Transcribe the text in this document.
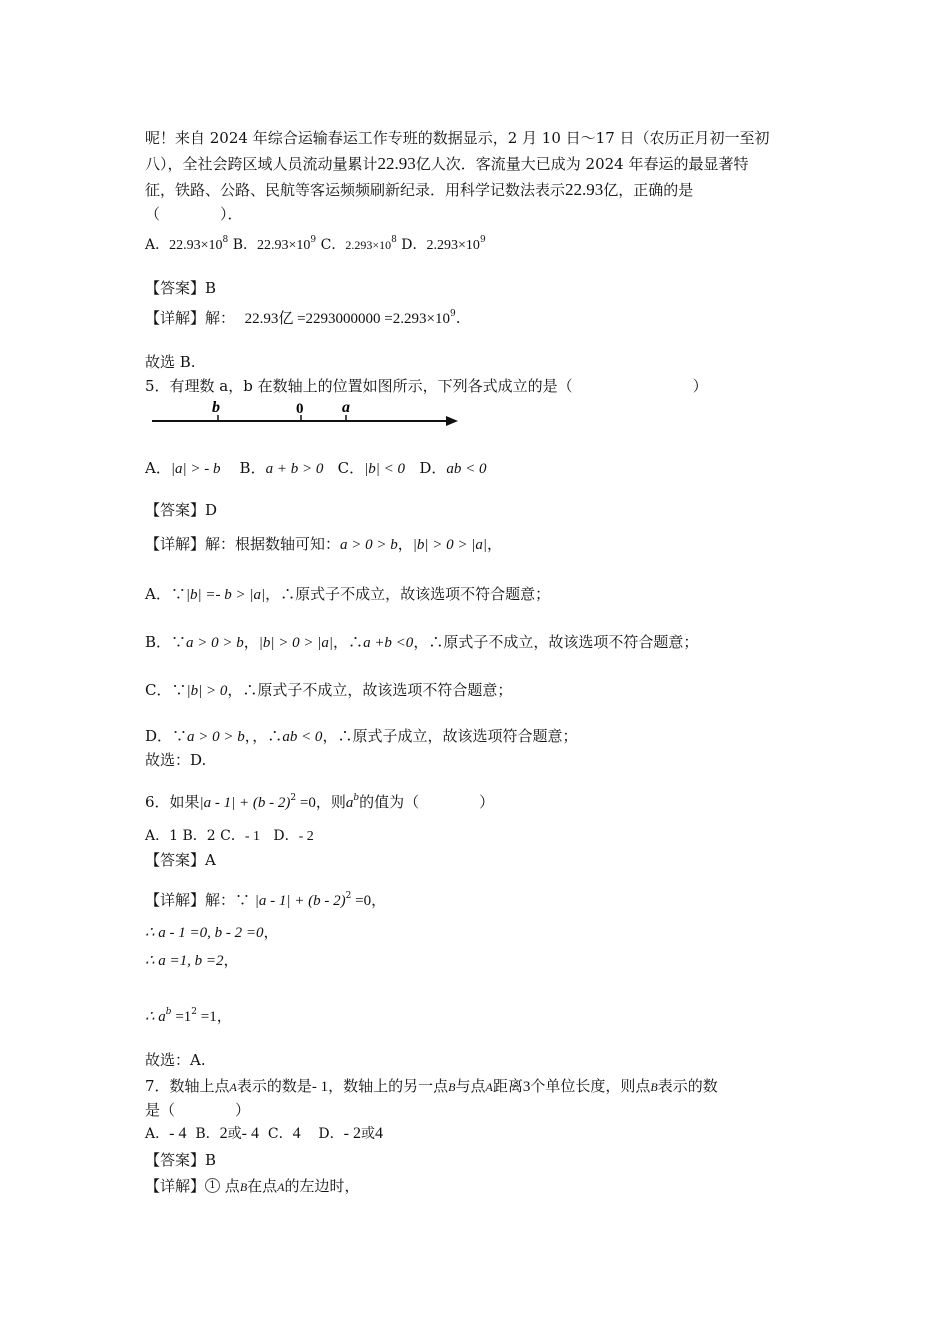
呢！来自 2024 年综合运输春运工作专班的数据显示，2 月 10 日～17 日（农历正月初一至初
八），全社会跨区域人员流动量累计22.93亿人次．客流量大已成为 2024 年春运的最显著特
征，铁路、公路、民航等客运频频刷新纪录．用科学记数法表示22.93亿，正确的是
（　　　　）．
A．$22.93\times 10^8$ B．$22.93\times 10^9$ C．$2.293\times 10^8$ D．$2.293\times 10^9$
【答案】B
【详解】解： 22.93亿 $=2293000000 =2.293\times 10^9$.
故选 B.
5．有理数 a，b 在数轴上的位置如图所示，下列各式成立的是（　　　　　　　　）
b	0 a
A．|a| > - b B．a + b > 0 C．|b| < 0 D．ab < 0
【答案】D
【详解】解：根据数轴可知：a > 0 > b，|b| > 0 > |a|，
A．∵|b| =- b > |a|，∴原式子不成立，故该选项不符合题意；
B．∵a > 0 > b，|b| > 0 > |a|，∴a +b <0，∴原式子不成立，故该选项不符合题意；
C．∵|b| > 0，∴原式子不成立，故该选项不符合题意；
D．∵a > 0 > b，，∴ab < 0，∴原式子成立，故该选项符合题意；
故选：D.
6．如果|a - 1| + (b - 2)$^2$ =0，则$a^b$的值为（　　　　）
A．1 B．2 C．- 1 D．- 2
【答案】A
【详解】解：∵ |a - 1| + (b - 2)$^2$ =0，
∴ a - 1 =0, b - 2 =0，
∴ a =1, b =2，
∴ $a^b =1^2 =1$，
故选：A.
7．数轴上点A表示的数是- 1，数轴上的另一点B与点A距离3个单位长度，则点B表示的数
是（　　　　）
A．- 4 B．2或- 4 C．4 D．- 2或4
【答案】B
【详解】 1 点B在点A的左边时，
